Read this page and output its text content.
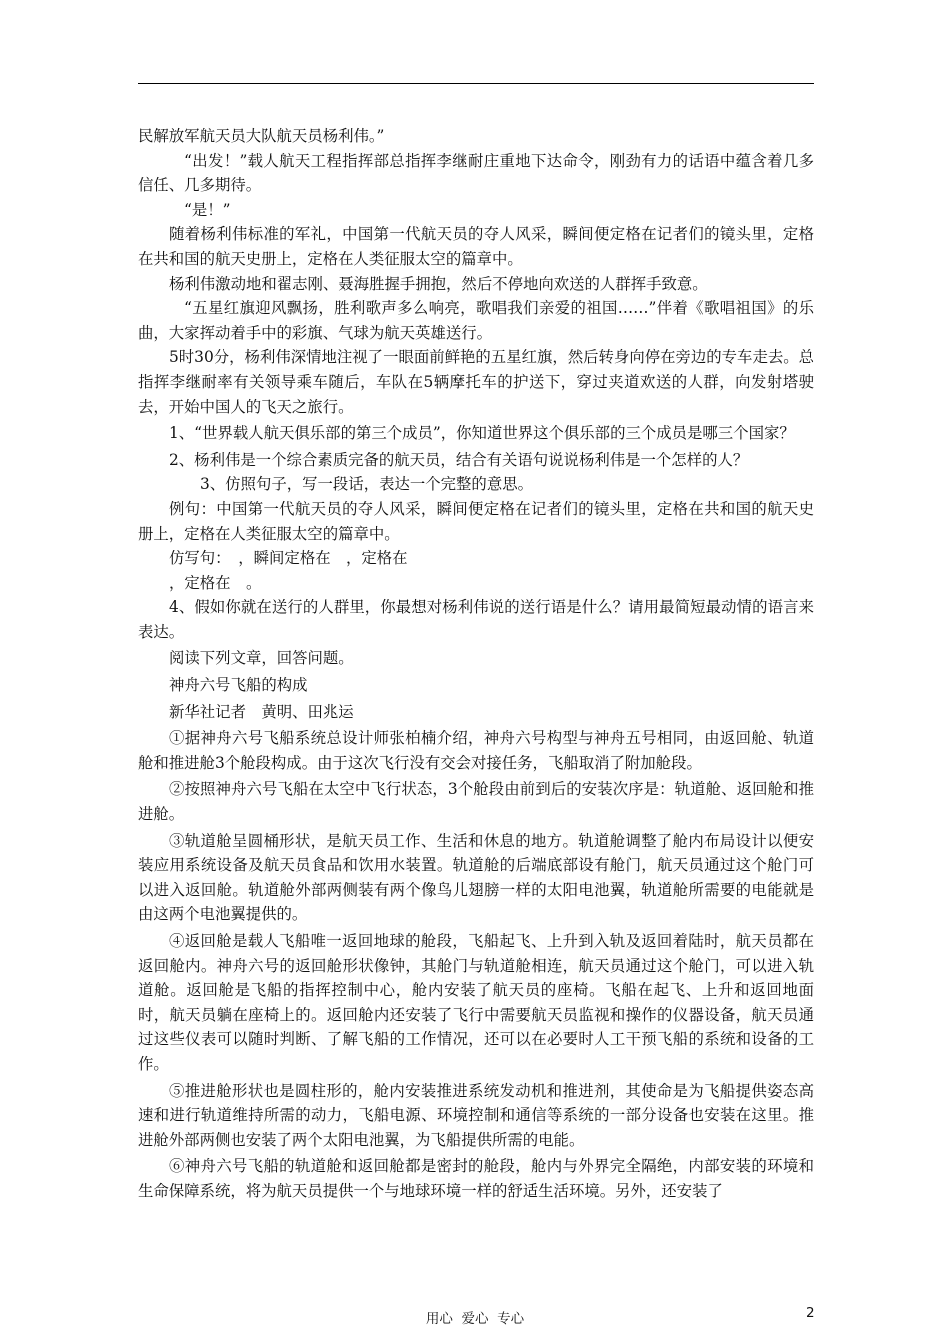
民解放军航天员大队航天员杨利伟。”

“出发！”载人航天工程指挥部总指挥李继耐庄重地下达命令，刚劲有力的话语中蕴含着几多信任、几多期待。

“是！”

随着杨利伟标准的军礼，中国第一代航天员的夺人风采，瞬间便定格在记者们的镜头里，定格在共和国的航天史册上，定格在人类征服太空的篇章中。

杨利伟激动地和翟志刚、聂海胜握手拥抱，然后不停地向欢送的人群挥手致意。

“五星红旗迎风飘扬，胜利歌声多么响亮，歌唱我们亲爱的祖国……”伴着《歌唱祖国》的乐曲，大家挥动着手中的彩旗、气球为航天英雄送行。

5时30分，杨利伟深情地注视了一眼面前鲜艳的五星红旗，然后转身向停在旁边的专车走去。总指挥李继耐率有关领导乘车随后，车队在5辆摩托车的护送下，穿过夹道欢送的人群，向发射塔驶去，开始中国人的飞天之旅行。

1、“世界载人航天俱乐部的第三个成员”，你知道世界这个俱乐部的三个成员是哪三个国家？

2、杨利伟是一个综合素质完备的航天员，结合有关语句说说杨利伟是一个怎样的人？

3、仿照句子，写一段话，表达一个完整的意思。

例句：中国第一代航天员的夺人风采，瞬间便定格在记者们的镜头里，定格在共和国的航天史册上，定格在人类征服太空的篇章中。

仿写句：　，瞬间定格在　，定格在

，定格在　。

4、假如你就在送行的人群里，你最想对杨利伟说的送行语是什么？请用最简短最动情的语言来表达。

阅读下列文章，回答问题。

神舟六号飞船的构成

新华社记者　黄明、田兆运

①据神舟六号飞船系统总设计师张柏楠介绍，神舟六号构型与神舟五号相同，由返回舱、轨道舱和推进舱3个舱段构成。由于这次飞行没有交会对接任务，飞船取消了附加舱段。

②按照神舟六号飞船在太空中飞行状态，3个舱段由前到后的安装次序是：轨道舱、返回舱和推进舱。

③轨道舱呈圆桶形状，是航天员工作、生活和休息的地方。轨道舱调整了舱内布局设计以便安装应用系统设备及航天员食品和饮用水装置。轨道舱的后端底部设有舱门，航天员通过这个舱门可以进入返回舱。轨道舱外部两侧装有两个像鸟儿翅膀一样的太阳电池翼，轨道舱所需要的电能就是由这两个电池翼提供的。

④返回舱是载人飞船唯一返回地球的舱段，飞船起飞、上升到入轨及返回着陆时，航天员都在返回舱内。神舟六号的返回舱形状像钟，其舱门与轨道舱相连，航天员通过这个舱门，可以进入轨道舱。返回舱是飞船的指挥控制中心，舱内安装了航天员的座椅。飞船在起飞、上升和返回地面时，航天员躺在座椅上的。返回舱内还安装了飞行中需要航天员监视和操作的仪器设备，航天员通过这些仪表可以随时判断、了解飞船的工作情况，还可以在必要时人工干预飞船的系统和设备的工作。

⑤推进舱形状也是圆柱形的，舱内安装推进系统发动机和推进剂，其使命是为飞船提供姿态高速和进行轨道维持所需的动力，飞船电源、环境控制和通信等系统的一部分设备也安装在这里。推进舱外部两侧也安装了两个太阳电池翼，为飞船提供所需的电能。

⑥神舟六号飞船的轨道舱和返回舱都是密封的舱段，舱内与外界完全隔绝，内部安装的环境和生命保障系统，将为航天员提供一个与地球环境一样的舒适生活环境。另外，还安装了

用心  爱心  专心	2
